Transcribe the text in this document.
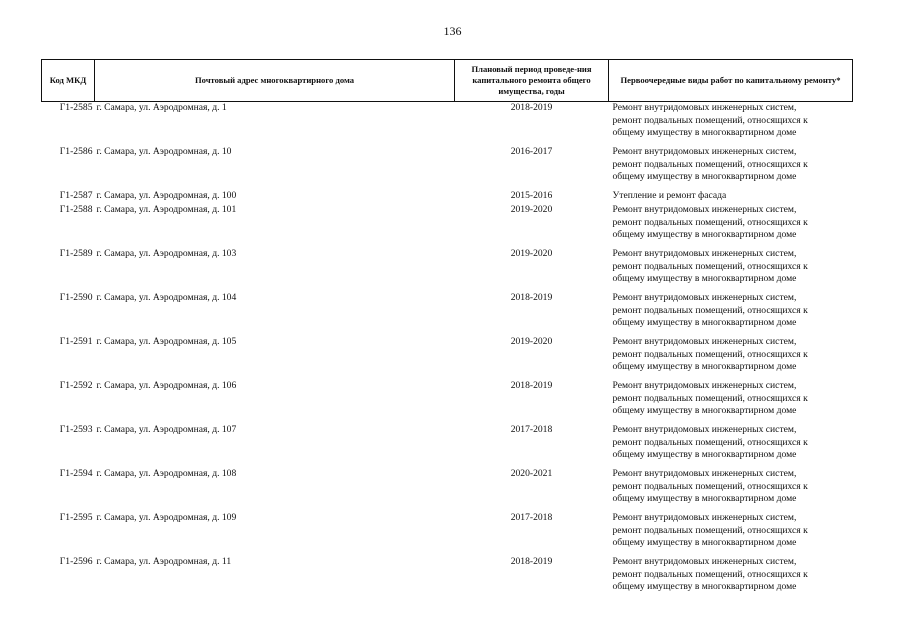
136
Код МКД	Почтовый адрес многоквартирного дома	Плановый период проведе-ния капитального ремонта общего имущества, годы	Первоочередные виды работ по капитальному ремонту*
Г1-2585	г. Самара, ул. Аэродромная, д. 1	2018-2019	Ремонт внутридомовых инженерных систем,
ремонт подвальных помещений, относящихся к
общему имуществу в многоквартирном доме

Г1-2586	г. Самара, ул. Аэродромная, д. 10	2016-2017	Ремонт внутридомовых инженерных систем,
ремонт подвальных помещений, относящихся к
общему имуществу в многоквартирном доме

Г1-2587	г. Самара, ул. Аэродромная, д. 100	2015-2016	Утепление и ремонт фасада

Г1-2588	г. Самара, ул. Аэродромная, д. 101	2019-2020	Ремонт внутридомовых инженерных систем,
ремонт подвальных помещений, относящихся к
общему имуществу в многоквартирном доме

Г1-2589	г. Самара, ул. Аэродромная, д. 103	2019-2020	Ремонт внутридомовых инженерных систем,
ремонт подвальных помещений, относящихся к
общему имуществу в многоквартирном доме

Г1-2590	г. Самара, ул. Аэродромная, д. 104	2018-2019	Ремонт внутридомовых инженерных систем,
ремонт подвальных помещений, относящихся к
общему имуществу в многоквартирном доме

Г1-2591	г. Самара, ул. Аэродромная, д. 105	2019-2020	Ремонт внутридомовых инженерных систем,
ремонт подвальных помещений, относящихся к
общему имуществу в многоквартирном доме

Г1-2592	г. Самара, ул. Аэродромная, д. 106	2018-2019	Ремонт внутридомовых инженерных систем,
ремонт подвальных помещений, относящихся к
общему имуществу в многоквартирном доме

Г1-2593	г. Самара, ул. Аэродромная, д. 107	2017-2018	Ремонт внутридомовых инженерных систем,
ремонт подвальных помещений, относящихся к
общему имуществу в многоквартирном доме

Г1-2594	г. Самара, ул. Аэродромная, д. 108	2020-2021	Ремонт внутридомовых инженерных систем,
ремонт подвальных помещений, относящихся к
общему имуществу в многоквартирном доме

Г1-2595	г. Самара, ул. Аэродромная, д. 109	2017-2018	Ремонт внутридомовых инженерных систем,
ремонт подвальных помещений, относящихся к
общему имуществу в многоквартирном доме

Г1-2596	г. Самара, ул. Аэродромная, д. 11	2018-2019	Ремонт внутридомовых инженерных систем,
ремонт подвальных помещений, относящихся к
общему имуществу в многоквартирном доме
